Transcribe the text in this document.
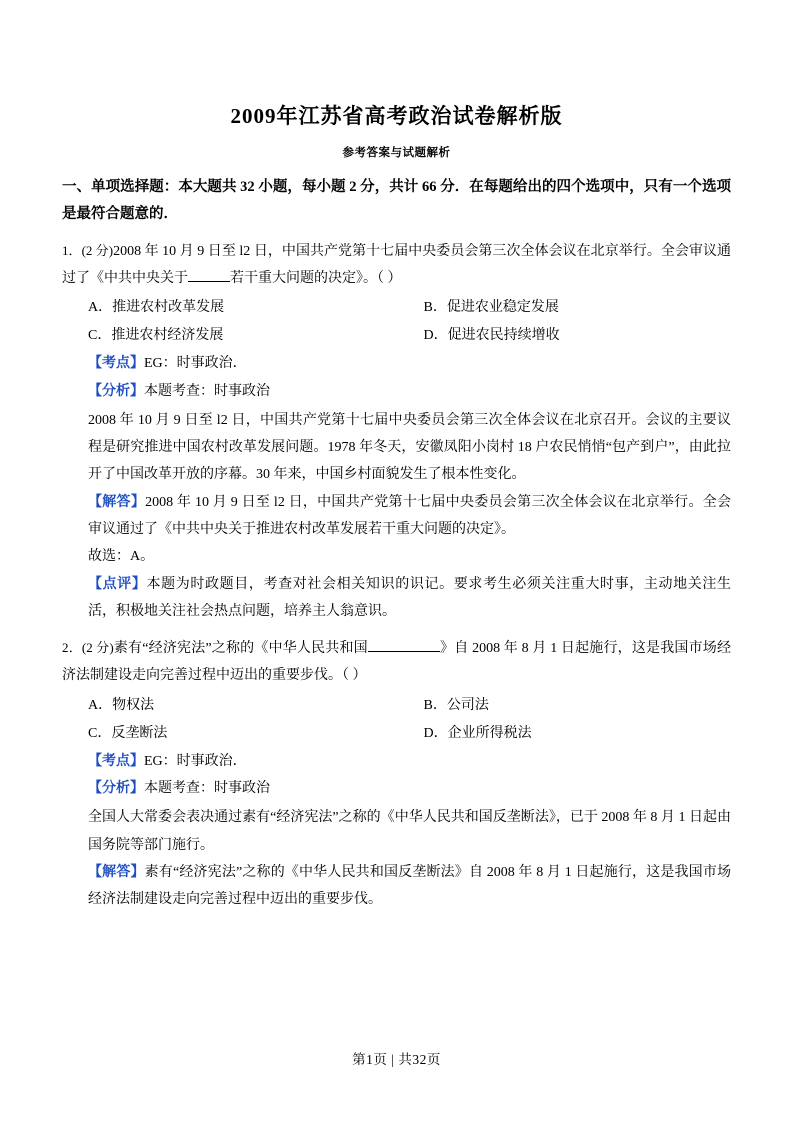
2009年江苏省高考政治试卷解析版
参考答案与试题解析
一、单项选择题：本大题共 32 小题，每小题 2 分，共计 66 分．在每题给出的四个选项中，只有一个选项是最符合题意的．
1．(2 分)2008 年 10 月 9 日至 l2 日，中国共产党第十七届中央委员会第三次全体会议在北京举行。全会审议通过了《中共中央关于	若干重大问题的决定》。（ ）
A．推进农村改革发展	B．促进农业稳定发展
C．推进农村经济发展	D．促进农民持续增收
【考点】EG：时事政治．
【分析】本题考查：时事政治
2008 年 10 月 9 日至 l2 日，中国共产党第十七届中央委员会第三次全体会议在北京召开。会议的主要议程是研究推进中国农村改革发展问题。1978 年冬天，安徽凤阳小岗村 18 户农民悄悄“包产到户”，由此拉开了中国改革开放的序幕。30 年来，中国乡村面貌发生了根本性变化。
【解答】2008 年 10 月 9 日至 l2 日，中国共产党第十七届中央委员会第三次全体会议在北京举行。全会审议通过了《中共中央关于推进农村改革发展若干重大问题的决定》。
故选：A。
【点评】本题为时政题目，考查对社会相关知识的识记。要求考生必须关注重大时事，主动地关注生活，积极地关注社会热点问题，培养主人翁意识。
2．(2 分)素有“经济宪法”之称的《中华人民共和国	》自 2008 年 8 月 1 日起施行，这是我国市场经济法制建设走向完善过程中迈出的重要步伐。（ ）
A．物权法	B．公司法
C．反垄断法	D．企业所得税法
【考点】EG：时事政治．
【分析】本题考查：时事政治
全国人大常委会表决通过素有“经济宪法”之称的《中华人民共和国反垄断法》，已于 2008 年 8 月 1 日起由国务院等部门施行。
【解答】素有“经济宪法”之称的《中华人民共和国反垄断法》自 2008 年 8 月 1 日起施行，这是我国市场经济法制建设走向完善过程中迈出的重要步伐。
第1页 | 共32页
